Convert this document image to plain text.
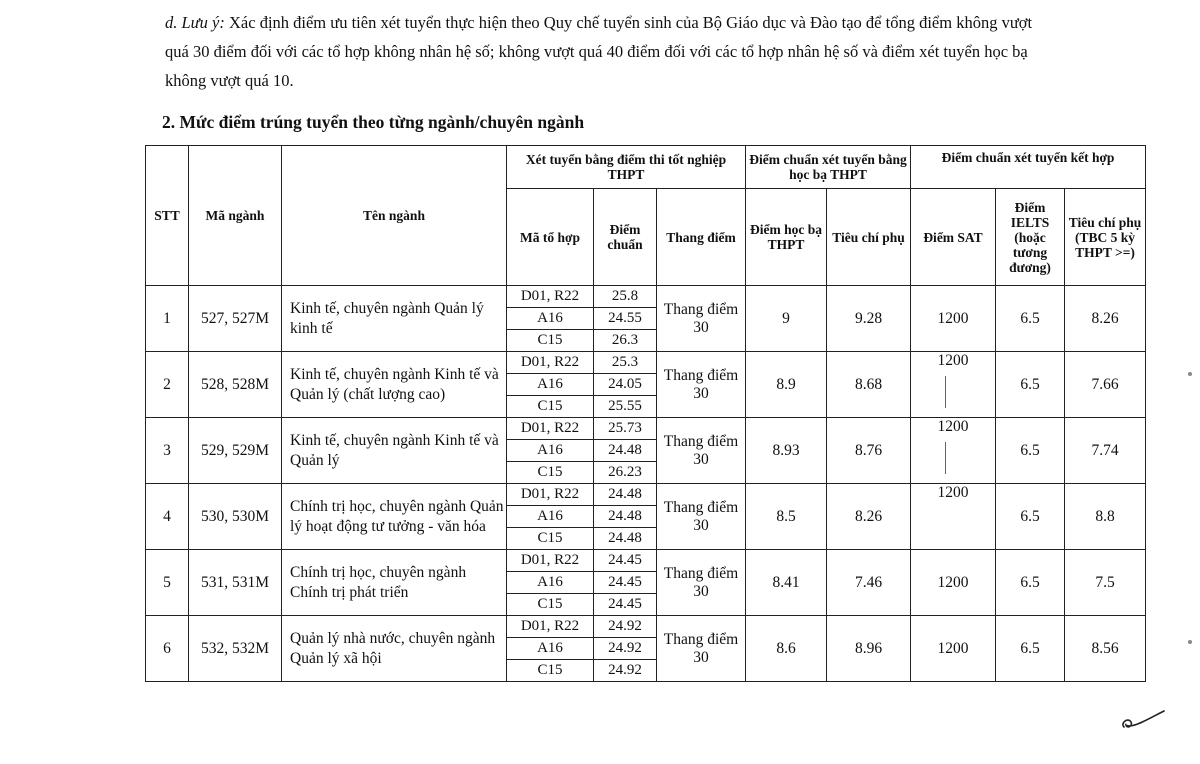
d. Lưu ý: Xác định điểm ưu tiên xét tuyển thực hiện theo Quy chế tuyển sinh của Bộ Giáo dục và Đào tạo để tổng điểm không vượt
quá 30 điểm đối với các tổ hợp không nhân hệ số; không vượt quá 40 điểm đối với các tổ hợp nhân hệ số và điểm xét tuyển học bạ
không vượt quá 10.
2. Mức điểm trúng tuyển theo từng ngành/chuyên ngành
STT	Mã ngành	Tên ngành	Xét tuyển bằng điểm thi tốt nghiệp THPT			Điểm chuẩn xét tuyển bằng học bạ THPT		Điểm chuẩn xét tuyển kết hợp		
			Mã tổ hợp	Điểm chuẩn	Thang điểm	Điểm học bạ THPT	Tiêu chí phụ	Điểm SAT	Điểm IELTS (hoặc tương đương)	Tiêu chí phụ (TBC 5 kỳ THPT >=)
1	527, 527M	Kinh tế, chuyên ngành Quản lý kinh tế	D01, R22	25.8	Thang điểm 30	9	9.28	1200	6.5	8.26
			A16	24.55						
			C15	26.3						
2	528, 528M	Kinh tế, chuyên ngành Kinh tế và Quản lý (chất lượng cao)	D01, R22	25.3	Thang điểm 30	8.9	8.68	1200	6.5	7.66
			A16	24.05						
			C15	25.55						
3	529, 529M	Kinh tế, chuyên ngành Kinh tế và Quản lý	D01, R22	25.73	Thang điểm 30	8.93	8.76	1200	6.5	7.74
			A16	24.48						
			C15	26.23						
4	530, 530M	Chính trị học, chuyên ngành Quản lý hoạt động tư tưởng - văn hóa	D01, R22	24.48	Thang điểm 30	8.5	8.26	1200	6.5	8.8
			A16	24.48						
			C15	24.48						
5	531, 531M	Chính trị học, chuyên ngành Chính trị phát triển	D01, R22	24.45	Thang điểm 30	8.41	7.46	1200	6.5	7.5
			A16	24.45						
			C15	24.45						
6	532, 532M	Quản lý nhà nước, chuyên ngành Quản lý xã hội	D01, R22	24.92	Thang điểm 30	8.6	8.96	1200	6.5	8.56
			A16	24.92						
			C15	24.92						
